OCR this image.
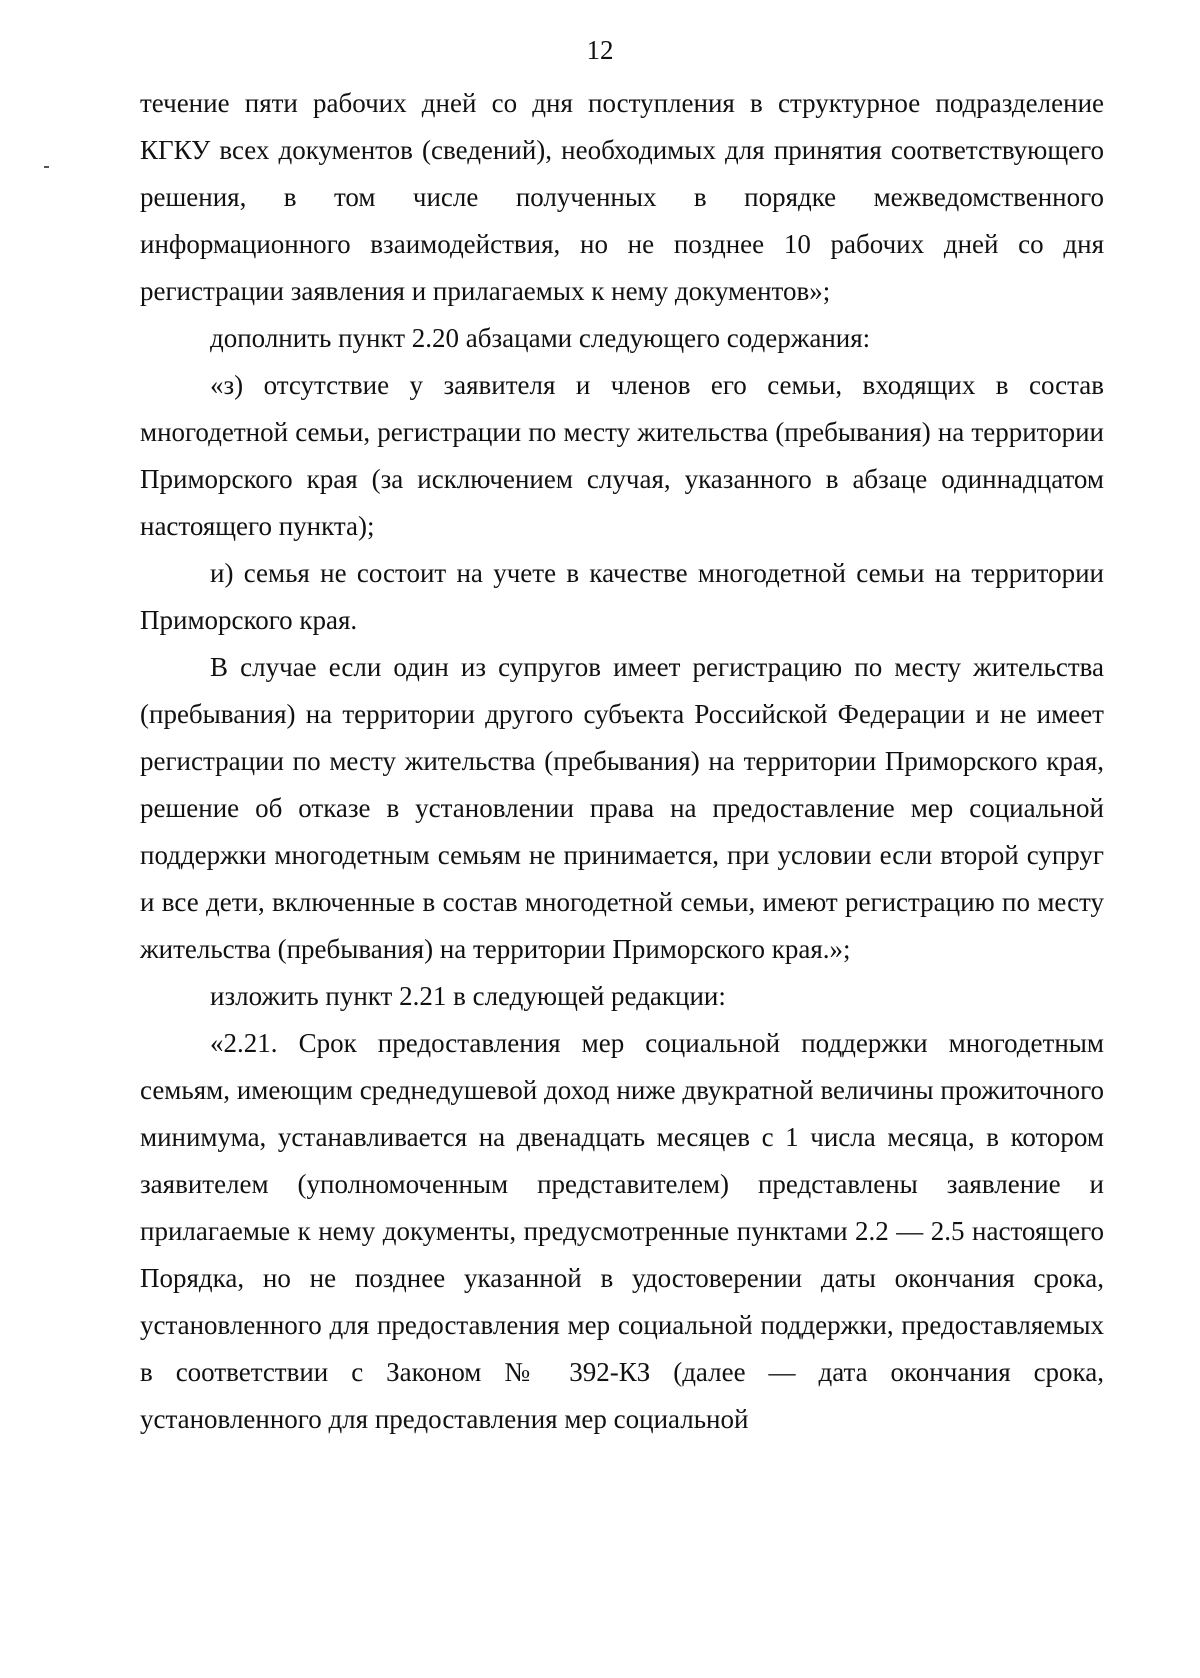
12

течение пяти рабочих дней со дня поступления в структурное подразделение КГКУ всех документов (сведений), необходимых для принятия соответствующего решения, в том числе полученных в порядке межведомственного информационного взаимодействия, но не позднее 10 рабочих дней со дня регистрации заявления и прилагаемых к нему документов»;

дополнить пункт 2.20 абзацами следующего содержания:

«з) отсутствие у заявителя и членов его семьи, входящих в состав многодетной семьи, регистрации по месту жительства (пребывания) на территории Приморского края (за исключением случая, указанного в абзаце одиннадцатом настоящего пункта);

и) семья не состоит на учете в качестве многодетной семьи на территории Приморского края.

В случае если один из супругов имеет регистрацию по месту жительства (пребывания) на территории другого субъекта Российской Федерации и не имеет регистрации по месту жительства (пребывания) на территории Приморского края, решение об отказе в установлении права на предоставление мер социальной поддержки многодетным семьям не принимается, при условии если второй супруг и все дети, включенные в состав многодетной семьи, имеют регистрацию по месту жительства (пребывания) на территории Приморского края.»;

изложить пункт 2.21 в следующей редакции:

«2.21. Срок предоставления мер социальной поддержки многодетным семьям, имеющим среднедушевой доход ниже двукратной величины прожиточного минимума, устанавливается на двенадцать месяцев с 1 числа месяца, в котором заявителем (уполномоченным представителем) представлены заявление и прилагаемые к нему документы, предусмотренные пунктами 2.2 — 2.5 настоящего Порядка, но не позднее указанной в удостоверении даты окончания срока, установленного для предоставления мер социальной поддержки, предоставляемых в соответствии с Законом № 392-КЗ (далее — дата окончания срока, установленного для предоставления мер социальной
